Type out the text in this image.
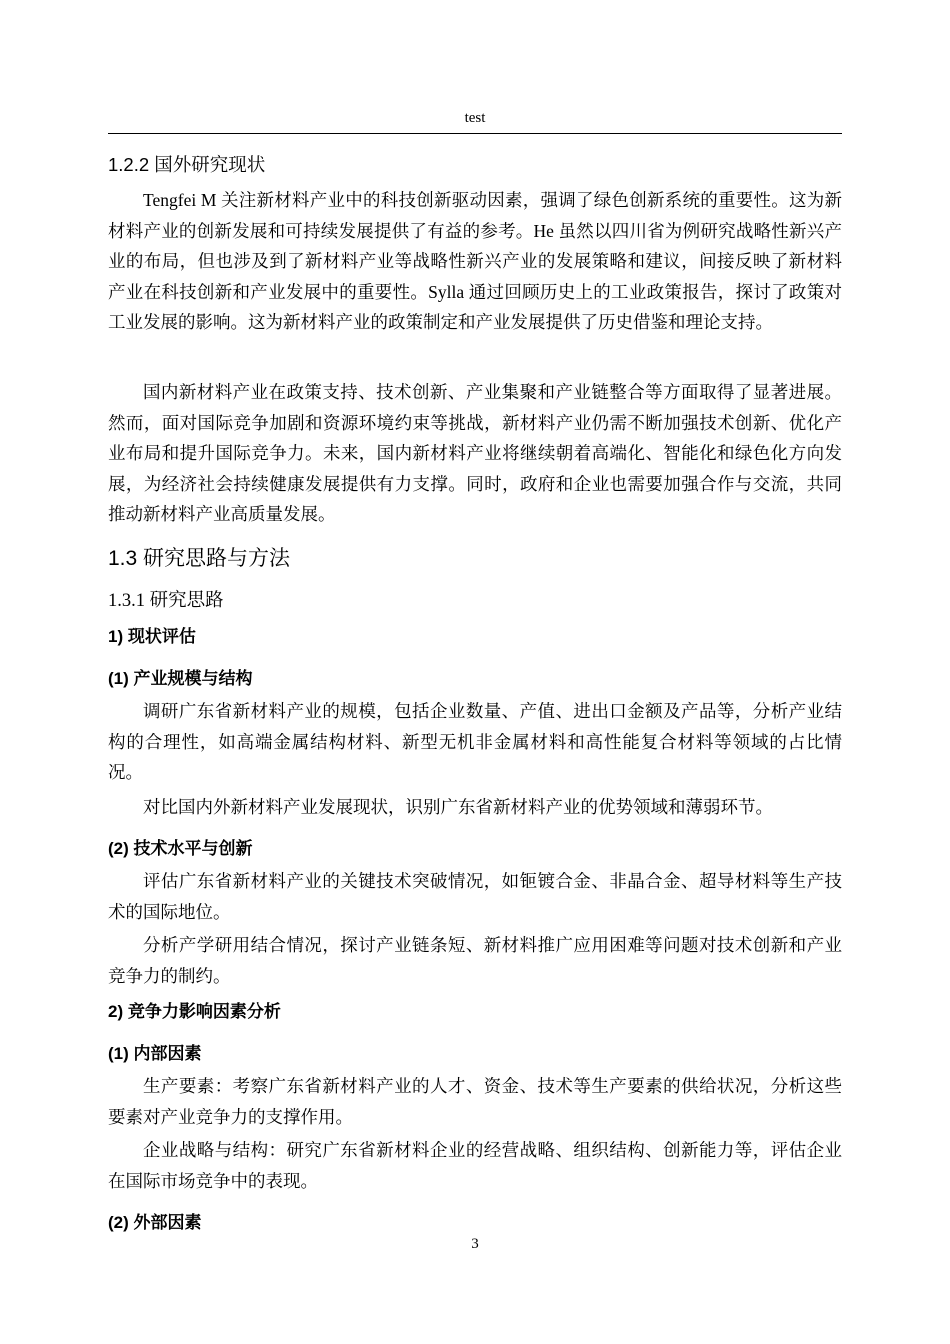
test
1.2.2 国外研究现状

Tengfei M 关注新材料产业中的科技创新驱动因素，强调了绿色创新系统的重要性。这为新材料产业的创新发展和可持续发展提供了有益的参考。He 虽然以四川省为例研究战略性新兴产业的布局，但也涉及到了新材料产业等战略性新兴产业的发展策略和建议，间接反映了新材料产业在科技创新和产业发展中的重要性。Sylla 通过回顾历史上的工业政策报告，探讨了政策对工业发展的影响。这为新材料产业的政策制定和产业发展提供了历史借鉴和理论支持。

国内新材料产业在政策支持、技术创新、产业集聚和产业链整合等方面取得了显著进展。然而，面对国际竞争加剧和资源环境约束等挑战，新材料产业仍需不断加强技术创新、优化产业布局和提升国际竞争力。未来，国内新材料产业将继续朝着高端化、智能化和绿色化方向发展，为经济社会持续健康发展提供有力支撑。同时，政府和企业也需要加强合作与交流，共同推动新材料产业高质量发展。

1.3 研究思路与方法
1.3.1 研究思路
1) 现状评估
(1) 产业规模与结构

调研广东省新材料产业的规模，包括企业数量、产值、进出口金额及产品等，分析产业结构的合理性，如高端金属结构材料、新型无机非金属材料和高性能复合材料等领域的占比情况。

对比国内外新材料产业发展现状，识别广东省新材料产业的优势领域和薄弱环节。

(2) 技术水平与创新

评估广东省新材料产业的关键技术突破情况，如钷镀合金、非晶合金、超导材料等生产技术的国际地位。

分析产学研用结合情况，探讨产业链条短、新材料推广应用困难等问题对技术创新和产业竞争力的制约。

2) 竞争力影响因素分析
(1) 内部因素

生产要素：考察广东省新材料产业的人才、资金、技术等生产要素的供给状况，分析这些要素对产业竞争力的支撑作用。

企业战略与结构：研究广东省新材料企业的经营战略、组织结构、创新能力等，评估企业在国际市场竞争中的表现。

(2) 外部因素
3
